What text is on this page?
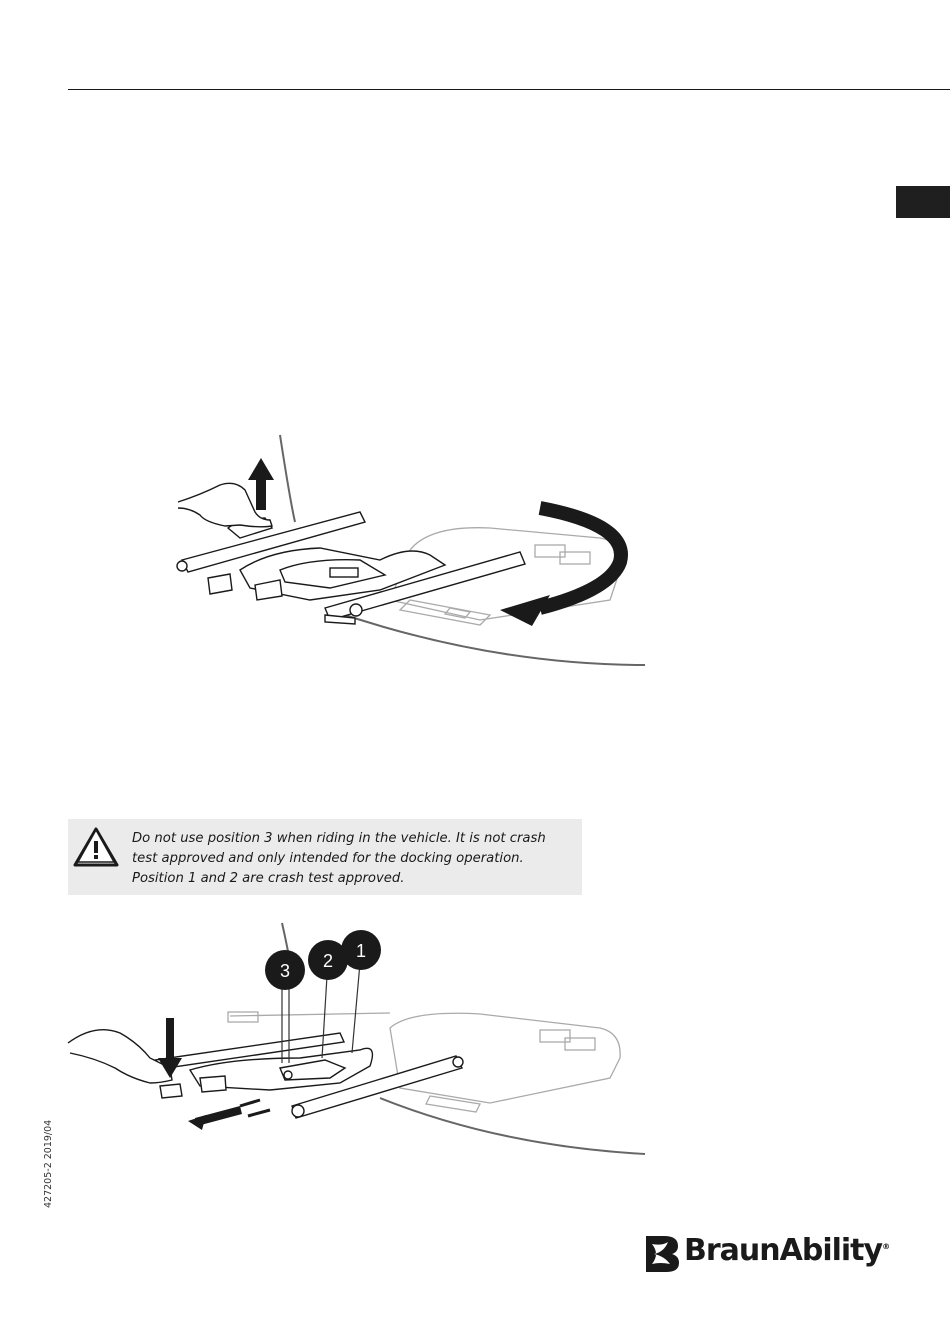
Do not use position 3 when riding in the vehicle. It is not crash test approved and only intended for the docking operation. Position 1 and 2 are crash test approved.

3 2 1
427205-2 2019/04
BraunAbility®
